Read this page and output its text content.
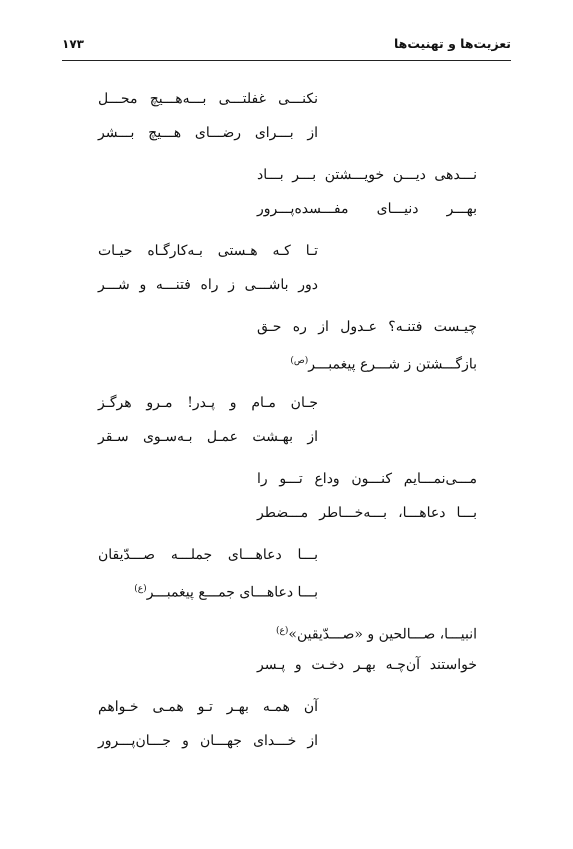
تعزیت‌ها و تهنیت‌ها
۱۷۳
نکنـــی غفلتـــی بـــه‌هـــیچ محـــل
از بـــرای رضـــای هـــیچ بـــشر
نـــدهی دیـــن خویـــشتن بـــر بـــاد
بهـــر دنیـــای مفـــسده‌پـــرور
تـا کـه هـستی بـه‌کارگـاه حیـات
دور باشـــی ز راه فتنـــه و شـــر
چیـست فتنـه؟ عـدول از ره حـق
بازگـــشتن ز شـــرع پیغمبـــر$^{(ص)}$
جـان مـام و پـدر! مـرو هرگـز
از بهـشت عمـل بـه‌سـوی سـقر
مـــی‌نمـــایم کنـــون وداع تـــو را
بـــا دعاهـــا، بـــه‌خـــاطر مـــضطر
بـــا دعاهـــای جملـــه صـــدّیقان
بـــا دعاهـــای جمـــع پیغمبـــر$^{(ع)}$
انبیـــا، صـــالحین و «صـــدّیقین»$^{(ع)}$
خواستند آن‌چـه بهـر دخـت و پـسر
آن همـه بهـر تـو همـی خـواهم
از خـــدای جهـــان و جـــان‌پـــرور
